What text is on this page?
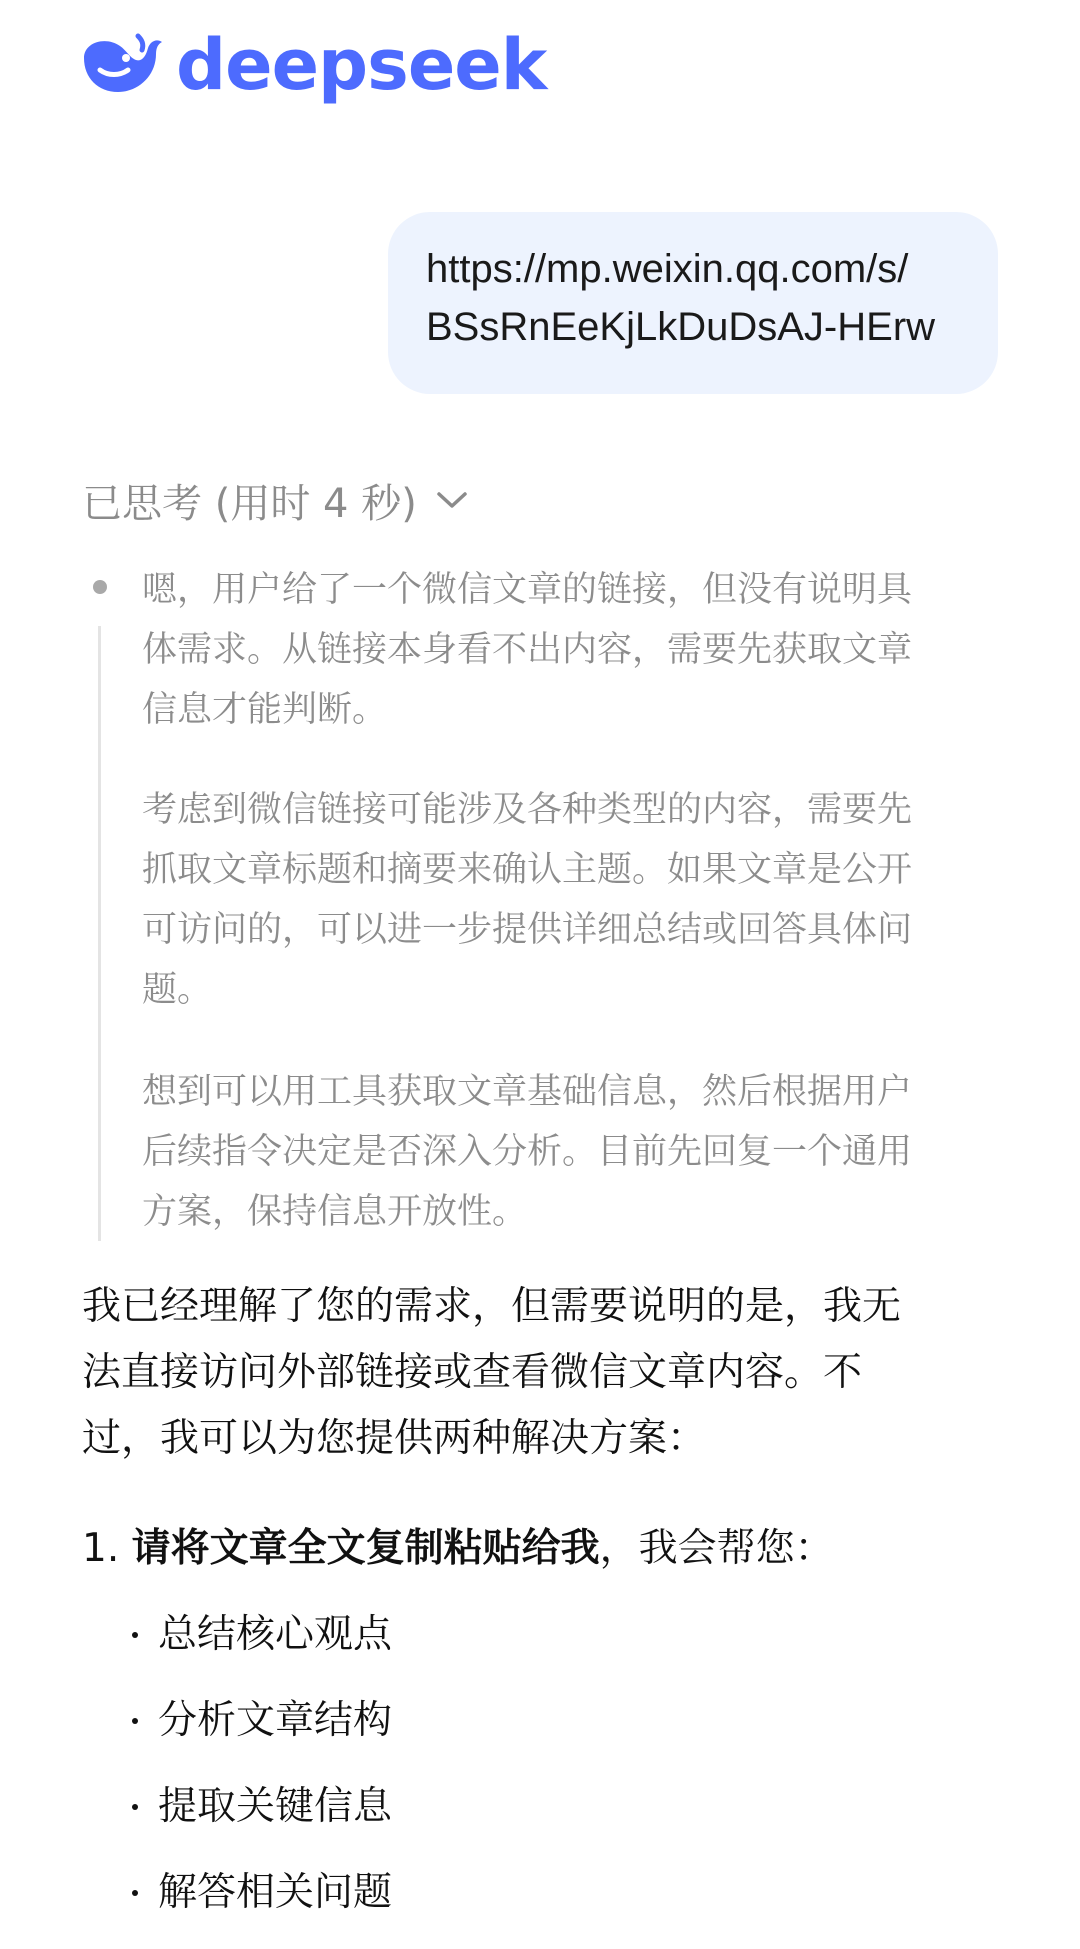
deepseek
https://mp.weixin.qq.com/s/
BSsRnEeKjLkDuDsAJ-HErw
已思考 (用时 4 秒)
嗯，用户给了一个微信文章的链接，但没有说明具
体需求。从链接本身看不出内容，需要先获取文章
信息才能判断。
考虑到微信链接可能涉及各种类型的内容，需要先
抓取文章标题和摘要来确认主题。如果文章是公开
可访问的，可以进一步提供详细总结或回答具体问
题。
想到可以用工具获取文章基础信息，然后根据用户
后续指令决定是否深入分析。目前先回复一个通用
方案，保持信息开放性。
我已经理解了您的需求，但需要说明的是，我无
法直接访问外部链接或查看微信文章内容。不
过，我可以为您提供两种解决方案：
1. 请将文章全文复制粘贴给我，我会帮您：
总结核心观点
分析文章结构
提取关键信息
解答相关问题
